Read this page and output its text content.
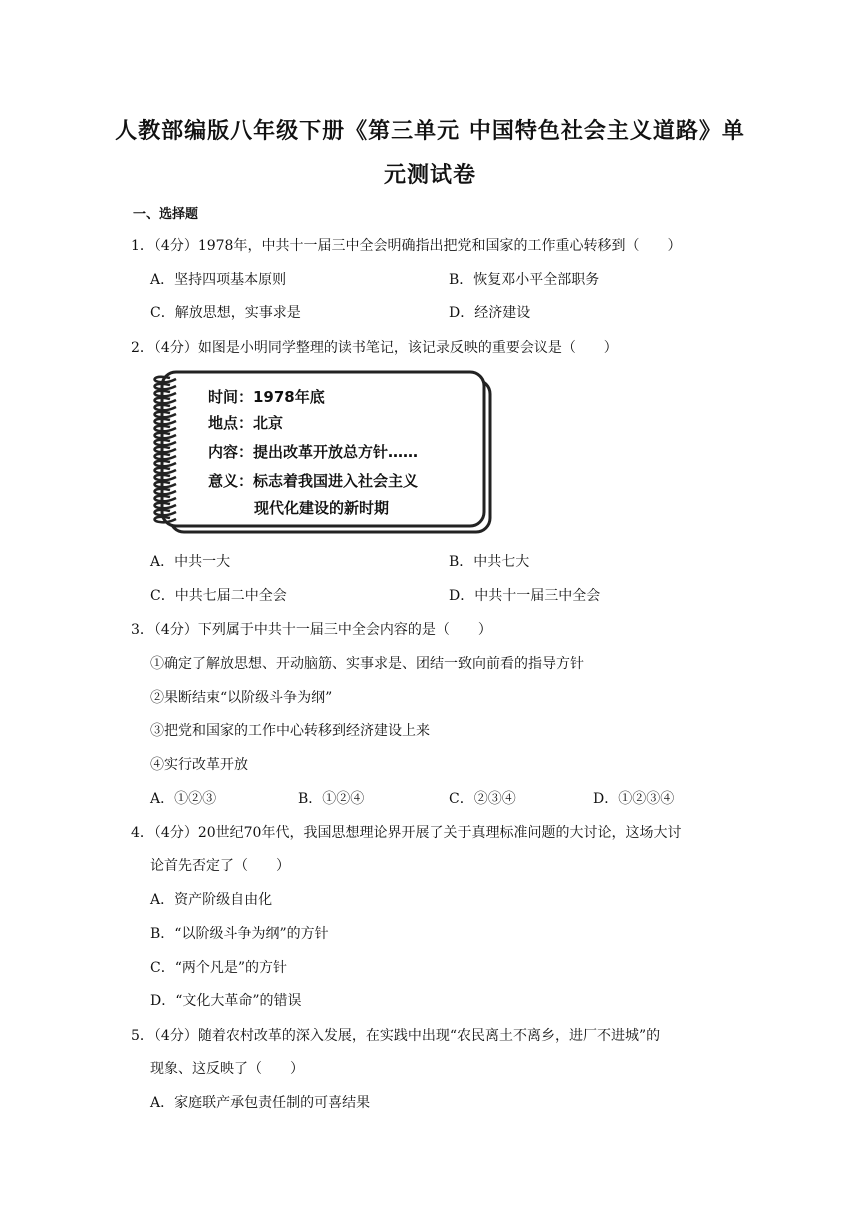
人教部编版八年级下册《第三单元 中国特色社会主义道路》单
元测试卷
一、选择题
1．（4分）1978年，中共十一届三中全会明确指出把党和国家的工作重心转移到（　　）
A．坚持四项基本原则	B．恢复邓小平全部职务
C．解放思想，实事求是	D．经济建设
2．（4分）如图是小明同学整理的读书笔记，该记录反映的重要会议是（　　）
时间：1978年底
地点：北京
内容：提出改革开放总方针……
意义：标志着我国进入社会主义
现代化建设的新时期
A．中共一大	B．中共七大
C．中共七届二中全会	D．中共十一届三中全会
3．（4分）下列属于中共十一届三中全会内容的是（　　）
①确定了解放思想、开动脑筋、实事求是、团结一致向前看的指导方针
②果断结束“以阶级斗争为纲”
③把党和国家的工作中心转移到经济建设上来
④实行改革开放
A．①②③	B．①②④	C．②③④	D．①②③④
4．（4分）20世纪70年代，我国思想理论界开展了关于真理标准问题的大讨论，这场大讨
论首先否定了（　　）
A．资产阶级自由化
B．“以阶级斗争为纲”的方针
C．“两个凡是”的方针
D．“文化大革命”的错误
5．（4分）随着农村改革的深入发展，在实践中出现“农民离土不离乡，进厂不进城”的
现象、这反映了（　　）
A．家庭联产承包责任制的可喜结果
